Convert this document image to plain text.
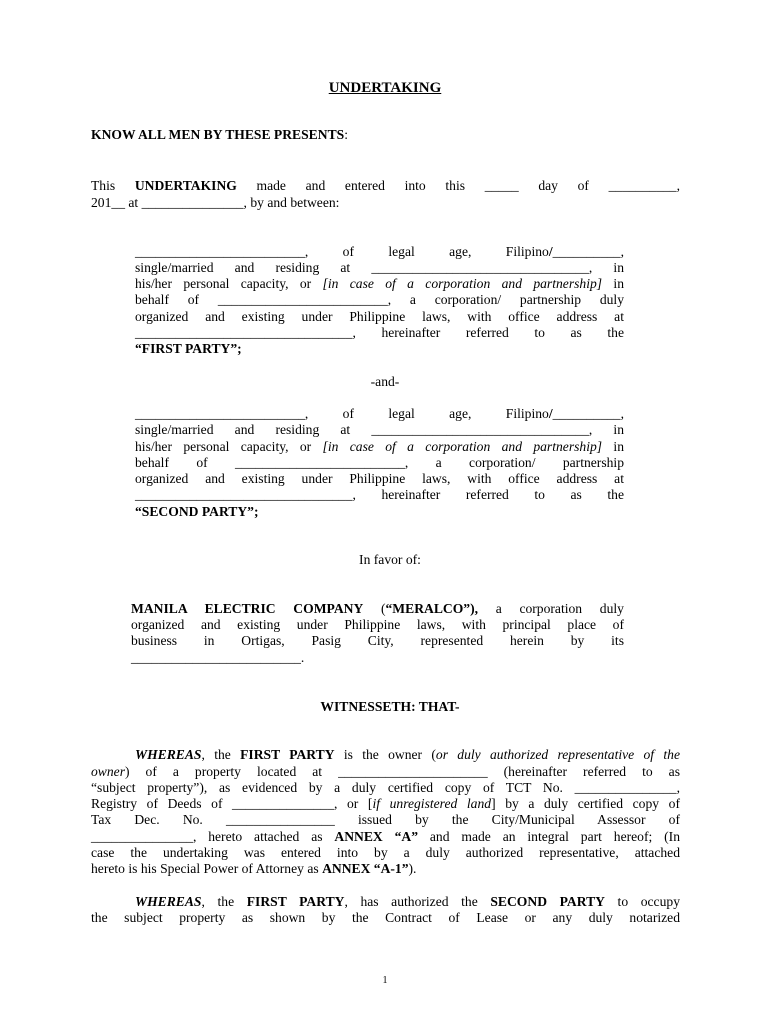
UNDERTAKING
KNOW ALL MEN BY THESE PRESENTS:
This UNDERTAKING made and entered into this _____ day of __________,
201__ at _______________, by and between:
_________________________, of legal age, Filipino/__________,
single/married and residing at ________________________________, in
his/her personal capacity, or [in case of a corporation and partnership] in
behalf of _________________________, a corporation/ partnership duly
organized and existing under Philippine laws, with office address at
________________________________, hereinafter referred to as the
“FIRST PARTY”;
-and-
_________________________, of legal age, Filipino/__________,
single/married and residing at ________________________________, in
his/her personal capacity, or [in case of a corporation and partnership] in
behalf of _________________________, a corporation/ partnership
organized and existing under Philippine laws, with office address at
________________________________, hereinafter referred to as the
“SECOND PARTY”;
In favor of:
MANILA ELECTRIC COMPANY (“MERALCO”), a corporation duly
organized and existing under Philippine laws, with principal place of
business in Ortigas, Pasig City, represented herein by its
_________________________.
WITNESSETH: THAT-
WHEREAS, the FIRST PARTY is the owner (or duly authorized representative of the
owner) of a property located at ______________________ (hereinafter referred to as
“subject property”), as evidenced by a duly certified copy of TCT No. _______________,
Registry of Deeds of _______________, or [if unregistered land] by a duly certified copy of
Tax Dec. No. ________________ issued by the City/Municipal Assessor of
_______________, hereto attached as ANNEX “A” and made an integral part hereof; (In
case the undertaking was entered into by a duly authorized representative, attached
hereto is his Special Power of Attorney as ANNEX “A-1”).
WHEREAS, the FIRST PARTY, has authorized the SECOND PARTY to occupy
the subject property as shown by the Contract of Lease or any duly notarized
1
